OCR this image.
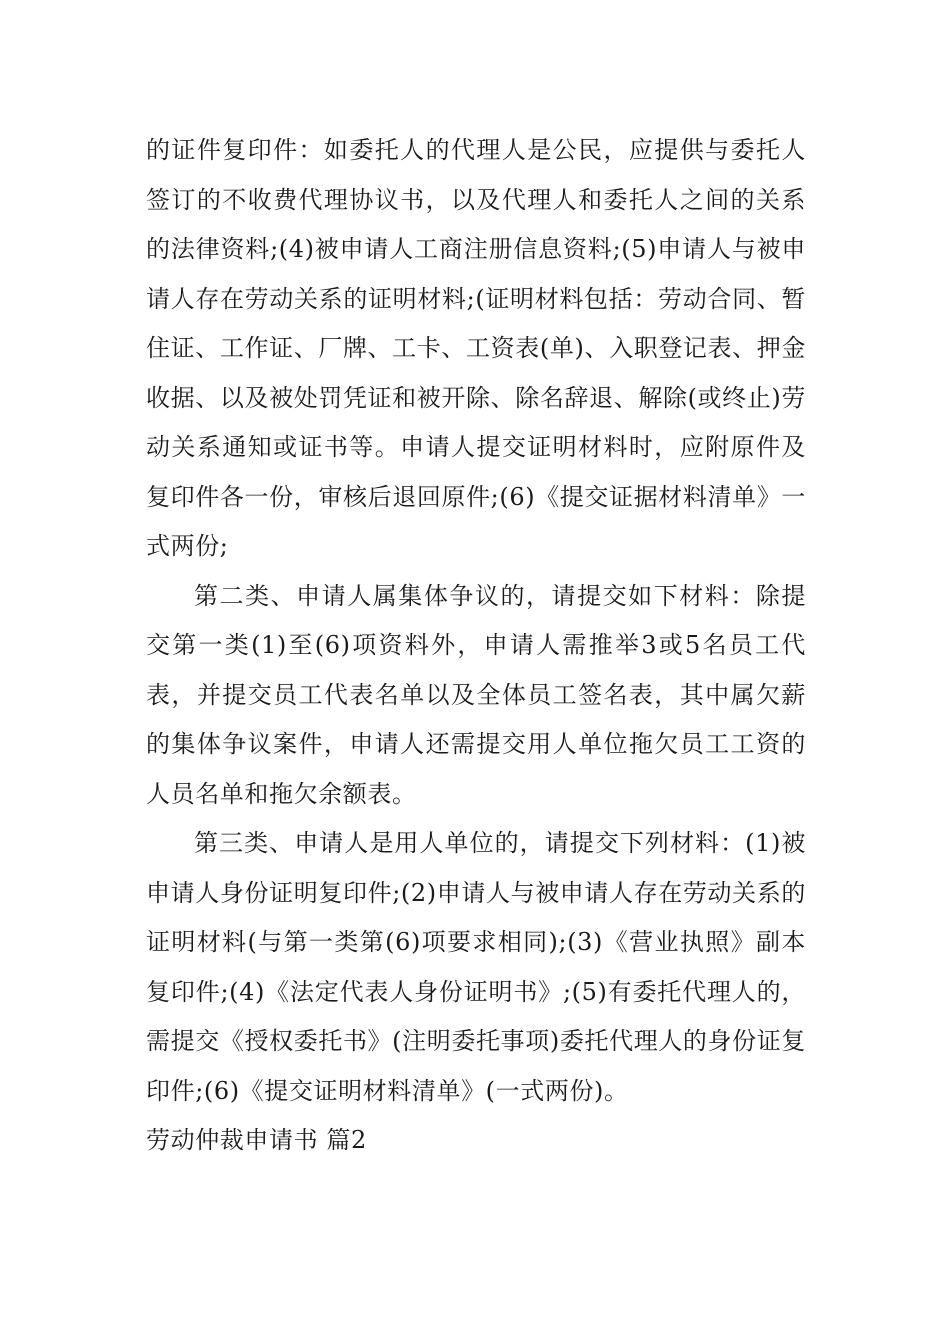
的证件复印件：如委托人的代理人是公民，应提供与委托人签订的不收费代理协议书，以及代理人和委托人之间的关系的法律资料;(4)被申请人工商注册信息资料;(5)申请人与被申请人存在劳动关系的证明材料;(证明材料包括：劳动合同、暂住证、工作证、厂牌、工卡、工资表(单)、入职登记表、押金收据、以及被处罚凭证和被开除、除名辞退、解除(或终止)劳动关系通知或证书等。申请人提交证明材料时，应附原件及复印件各一份，审核后退回原件;(6)《提交证据材料清单》一式两份;

第二类、申请人属集体争议的，请提交如下材料：除提交第一类(1)至(6)项资料外，申请人需推举3或5名员工代表，并提交员工代表名单以及全体员工签名表，其中属欠薪的集体争议案件，申请人还需提交用人单位拖欠员工工资的人员名单和拖欠余额表。

第三类、申请人是用人单位的，请提交下列材料：(1)被申请人身份证明复印件;(2)申请人与被申请人存在劳动关系的证明材料(与第一类第(6)项要求相同);(3)《营业执照》副本复印件;(4)《法定代表人身份证明书》;(5)有委托代理人的，需提交《授权委托书》(注明委托事项)委托代理人的身份证复印件;(6)《提交证明材料清单》(一式两份)。

劳动仲裁申请书 篇2
